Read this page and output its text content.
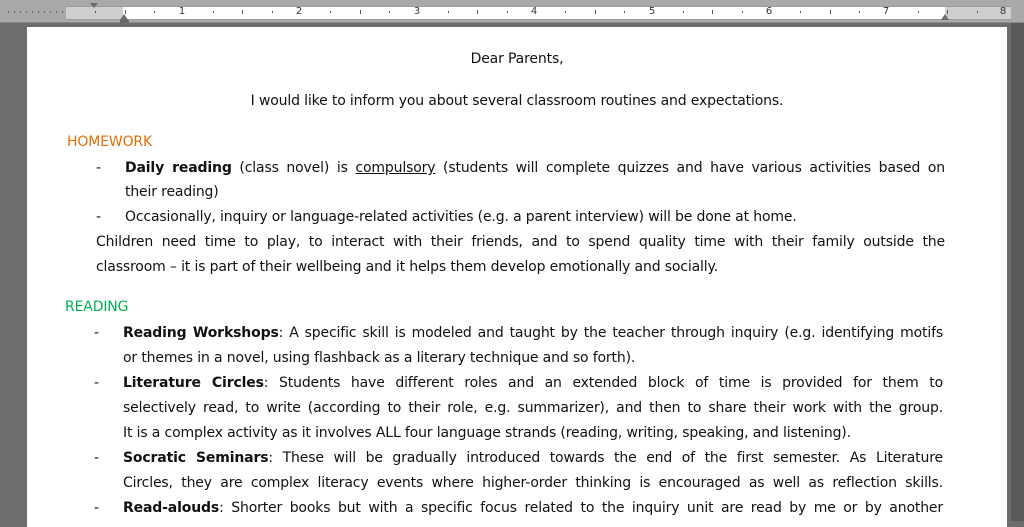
1	2	3	4	5	6	7	8
Dear Parents,
I would like to inform you about several classroom routines and expectations.
HOMEWORK
- Daily reading (class novel) is compulsory (students will complete quizzes and have various activities based on
their reading)
- Occasionally, inquiry or language-related activities (e.g. a parent interview) will be done at home.
Children need time to play, to interact with their friends, and to spend quality time with their family outside the
classroom – it is part of their wellbeing and it helps them develop emotionally and socially.
READING
- Reading Workshops: A specific skill is modeled and taught by the teacher through inquiry (e.g. identifying motifs
or themes in a novel, using flashback as a literary technique and so forth).
- Literature Circles: Students have different roles and an extended block of time is provided for them to
selectively read, to write (according to their role, e.g. summarizer), and then to share their work with the group.
It is a complex activity as it involves ALL four language strands (reading, writing, speaking, and listening).
- Socratic Seminars: These will be gradually introduced towards the end of the first semester. As Literature
Circles, they are complex literacy events where higher-order thinking is encouraged as well as reflection skills.
- Read-alouds: Shorter books but with a specific focus related to the inquiry unit are read by me or by another
